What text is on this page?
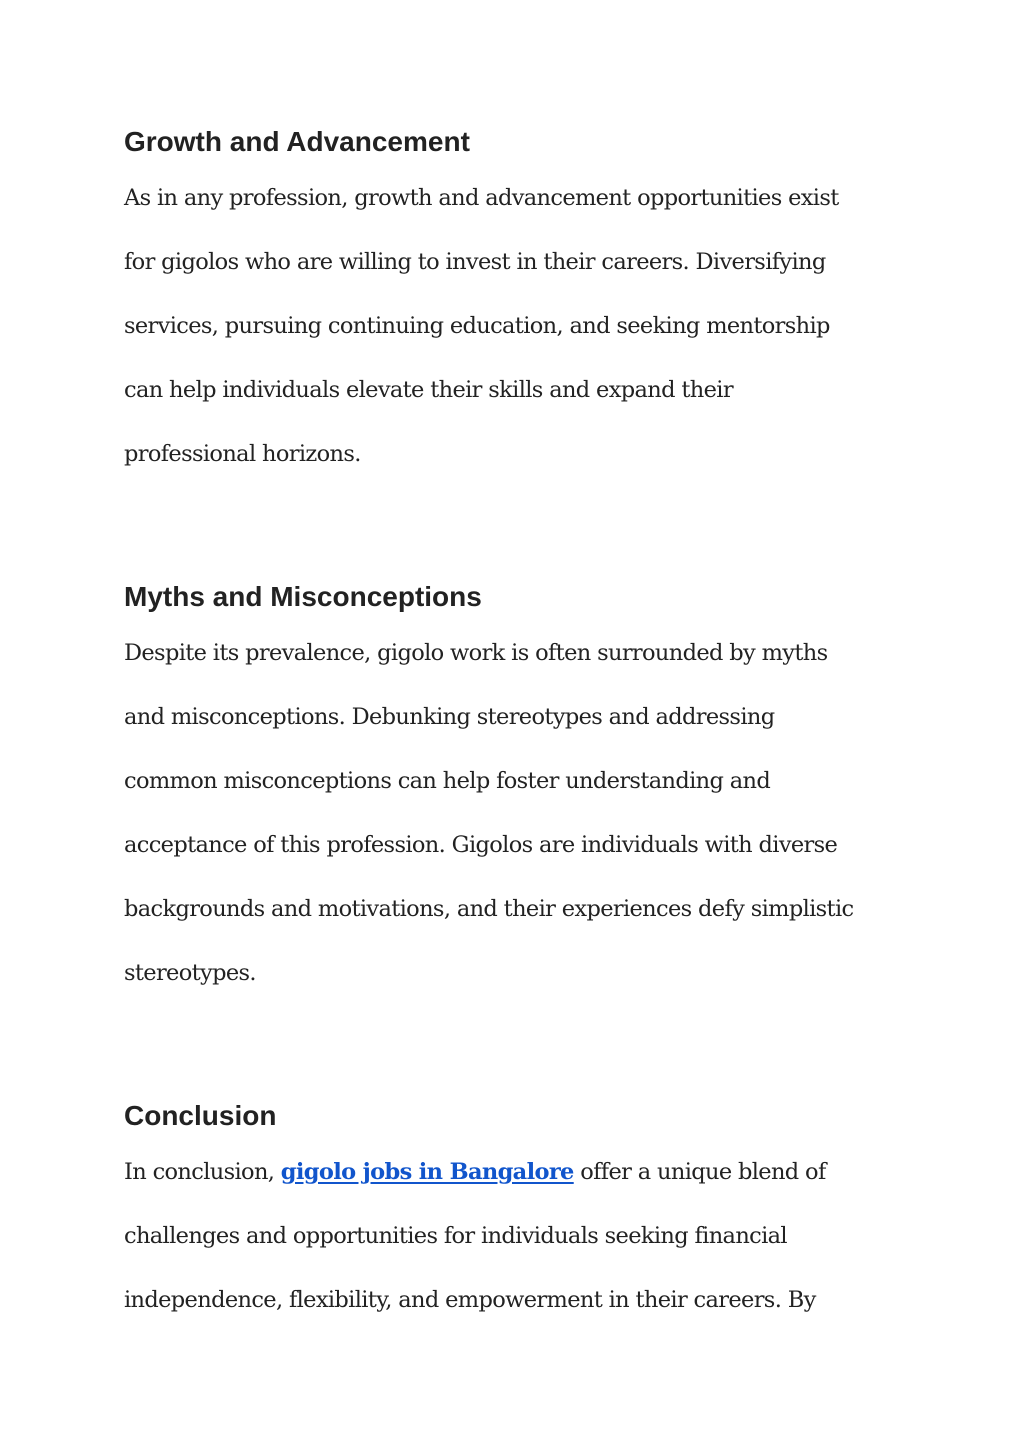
Growth and Advancement

As in any profession, growth and advancement opportunities exist

for gigolos who are willing to invest in their careers. Diversifying

services, pursuing continuing education, and seeking mentorship

can help individuals elevate their skills and expand their

professional horizons.

Myths and Misconceptions

Despite its prevalence, gigolo work is often surrounded by myths

and misconceptions. Debunking stereotypes and addressing

common misconceptions can help foster understanding and

acceptance of this profession. Gigolos are individuals with diverse

backgrounds and motivations, and their experiences defy simplistic

stereotypes.

Conclusion

In conclusion, gigolo jobs in Bangalore offer a unique blend of

challenges and opportunities for individuals seeking financial

independence, flexibility, and empowerment in their careers. By
